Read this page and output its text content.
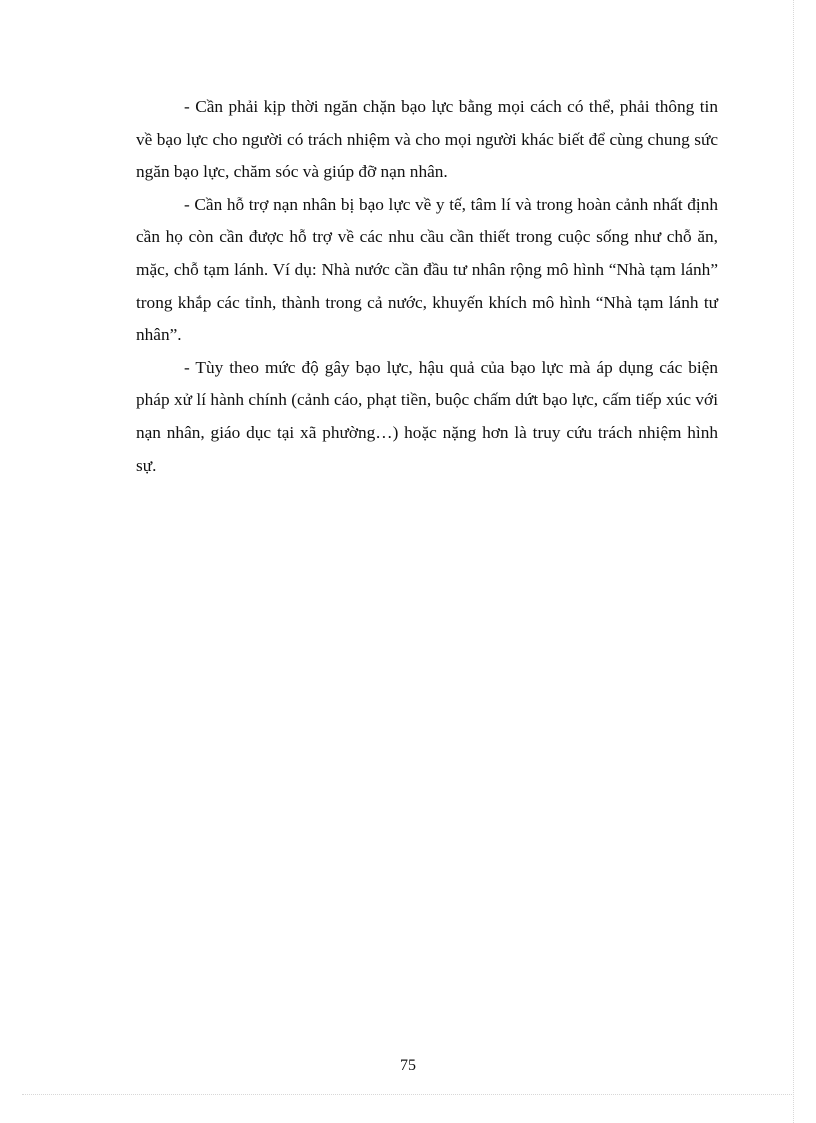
- Cần phải kịp thời ngăn chặn bạo lực bằng mọi cách có thể, phải thông tin về bạo lực cho người có trách nhiệm và cho mọi người khác biết để cùng chung sức ngăn bạo lực, chăm sóc và giúp đỡ nạn nhân.

- Cần hỗ trợ nạn nhân bị bạo lực về y tế, tâm lí và trong hoàn cảnh nhất định cần họ còn cần được hỗ trợ về các nhu cầu cần thiết trong cuộc sống như chỗ ăn, mặc, chỗ tạm lánh. Ví dụ: Nhà nước cần đầu tư nhân rộng mô hình “Nhà tạm lánh” trong khắp các tỉnh, thành trong cả nước, khuyến khích mô hình “Nhà tạm lánh tư nhân”.

- Tùy theo mức độ gây bạo lực, hậu quả của bạo lực mà áp dụng các biện pháp xử lí hành chính (cảnh cáo, phạt tiền, buộc chấm dứt bạo lực, cấm tiếp xúc với nạn nhân, giáo dục tại xã phường…) hoặc nặng hơn là truy cứu trách nhiệm hình sự.

75
